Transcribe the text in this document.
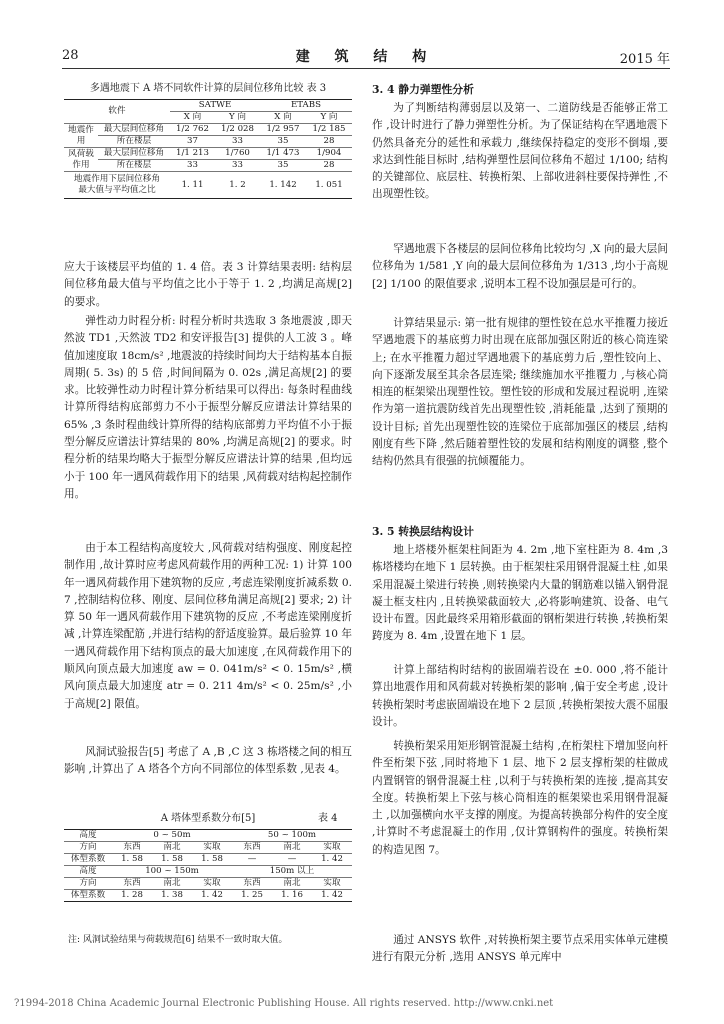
28	建 筑 结 构	2015 年
多遇地震下 A 塔不同软件计算的层间位移角比较 表 3
软件		SATWE		ETABS	
		X 向	Y 向	X 向	Y 向
地震作用	最大层间位移角	1/2 762	1/2 028	1/2 957	1/2 185
	所在楼层	37	33	35	28
风荷载作用	最大层间位移角	1/1 213	1/760	1/1 473	1/904
	所在楼层	33	33	35	28
地震作用下层间位移角最大值与平均值之比		1. 11	1. 2	1. 142	1. 051

应大于该楼层平均值的 1. 4 倍。表 3 计算结果表明: 结构层间位移角最大值与平均值之比小于等于 1. 2 ,均满足高规[2] 的要求。

弹性动力时程分析: 时程分析时共选取 3 条地震波 ,即天然波 TD1 ,天然波 TD2 和安评报告[3] 提供的人工波 3 。峰值加速度取 18cm/s² ,地震波的持续时间均大于结构基本自振周期( 5. 3s) 的 5 倍 ,时间间隔为 0. 02s ,满足高规[2] 的要求。比较弹性动力时程计算分析结果可以得出: 每条时程曲线计算所得结构底部剪力不小于振型分解反应谱法计算结果的 65% ,3 条时程曲线计算所得的结构底部剪力平均值不小于振型分解反应谱法计算结果的 80% ,均满足高规[2] 的要求。时程分析的结果均略大于振型分解反应谱法计算的结果 ,但均远小于 100 年一遇风荷载作用下的结果 ,风荷载对结构起控制作用。

由于本工程结构高度较大 ,风荷载对结构强度、刚度起控制作用 ,故计算时应考虑风荷载作用的两种工况: 1) 计算 100 年一遇风荷载作用下建筑物的反应 ,考虑连梁刚度折减系数 0. 7 ,控制结构位移、刚度、层间位移角满足高规[2] 要求; 2) 计算 50 年一遇风荷载作用下建筑物的反应 ,不考虑连梁刚度折减 ,计算连梁配筋 ,并进行结构的舒适度验算。最后验算 10 年一遇风荷载作用下结构顶点的最大加速度 ,在风荷载作用下的顺风向顶点最大加速度 aw = 0. 041m/s² < 0. 15m/s² ,横风向顶点最大加速度 atr = 0. 211 4m/s² < 0. 25m/s² ,小于高规[2] 限值。

风洞试验报告[5] 考虑了 A ,B ,C 这 3 栋塔楼之间的相互影响 ,计算出了 A 塔各个方向不同部位的体型系数 ,见表 4。

A 塔体型系数分布[5]	表 4
高度	0 ~ 50m			50 ~ 100m		
方向	东西	南北	实取	东西	南北	实取
体型系数	1. 58	1. 58	1. 58	—	—	1. 42
高度	100 ~ 150m			150m 以上		
方向	东西	南北	实取	东西	南北	实取
体型系数	1. 28	1. 38	1. 42	1. 25	1. 16	1. 42
注: 风洞试验结果与荷载规范[6] 结果不一致时取大值。
3. 4 静力弹塑性分析

为了判断结构薄弱层以及第一、二道防线是否能够正常工作 ,设计时进行了静力弹塑性分析。为了保证结构在罕遇地震下仍然具备充分的延性和承载力 ,继续保持稳定的变形不倒塌 ,要求达到性能目标时 ,结构弹塑性层间位移角不超过 1/100; 结构的关键部位、底层柱、转换桁架、上部收进斜柱要保持弹性 ,不出现塑性铰。

罕遇地震下各楼层的层间位移角比较均匀 ,X 向的最大层间位移角为 1/581 ,Y 向的最大层间位移角为 1/313 ,均小于高规[2] 1/100 的限值要求 ,说明本工程不设加强层是可行的。

计算结果显示: 第一批有规律的塑性铰在总水平推覆力接近罕遇地震下的基底剪力时出现在底部加强区附近的核心筒连梁上; 在水平推覆力超过罕遇地震下的基底剪力后 ,塑性铰向上、向下逐渐发展至其余各层连梁; 继续施加水平推覆力 ,与核心筒相连的框架梁出现塑性铰。塑性铰的形成和发展过程说明 ,连梁作为第一道抗震防线首先出现塑性铰 ,消耗能量 ,达到了预期的设计目标; 首先出现塑性铰的连梁位于底部加强区的楼层 ,结构刚度有些下降 ,然后随着塑性铰的发展和结构刚度的调整 ,整个结构仍然具有很强的抗倾覆能力。

3. 5 转换层结构设计

地上塔楼外框架柱间距为 4. 2m ,地下室柱距为 8. 4m ,3 栋塔楼均在地下 1 层转换。由于框架柱采用钢骨混凝土柱 ,如果采用混凝土梁进行转换 ,则转换梁内大量的钢筋难以锚入钢骨混凝土框支柱内 ,且转换梁截面较大 ,必将影响建筑、设备、电气设计布置。因此最终采用箱形截面的钢桁架进行转换 ,转换桁架跨度为 8. 4m ,设置在地下 1 层。

计算上部结构时结构的嵌固端若设在 ±0. 000 ,将不能计算出地震作用和风荷载对转换桁架的影响 ,偏于安全考虑 ,设计转换桁架时考虑嵌固端设在地下 2 层顶 ,转换桁架按大震不屈服设计。

转换桁架采用矩形钢管混凝土结构 ,在桁架柱下增加竖向杆件至桁架下弦 ,同时将地下 1 层、地下 2 层支撑桁架的柱做成内置钢管的钢骨混凝土柱 ,以利于与转换桁架的连接 ,提高其安全度。转换桁架上下弦与核心筒相连的框架梁也采用钢骨混凝土 ,以加强横向水平支撑的刚度。为提高转换部分构件的安全度 ,计算时不考虑混凝土的作用 ,仅计算钢构件的强度。转换桁架的构造见图 7。

通过 ANSYS 软件 ,对转换桁架主要节点采用实体单元建模进行有限元分析 ,选用 ANSYS 单元库中

?1994-2018 China Academic Journal Electronic Publishing House. All rights reserved. http://www.cnki.net
